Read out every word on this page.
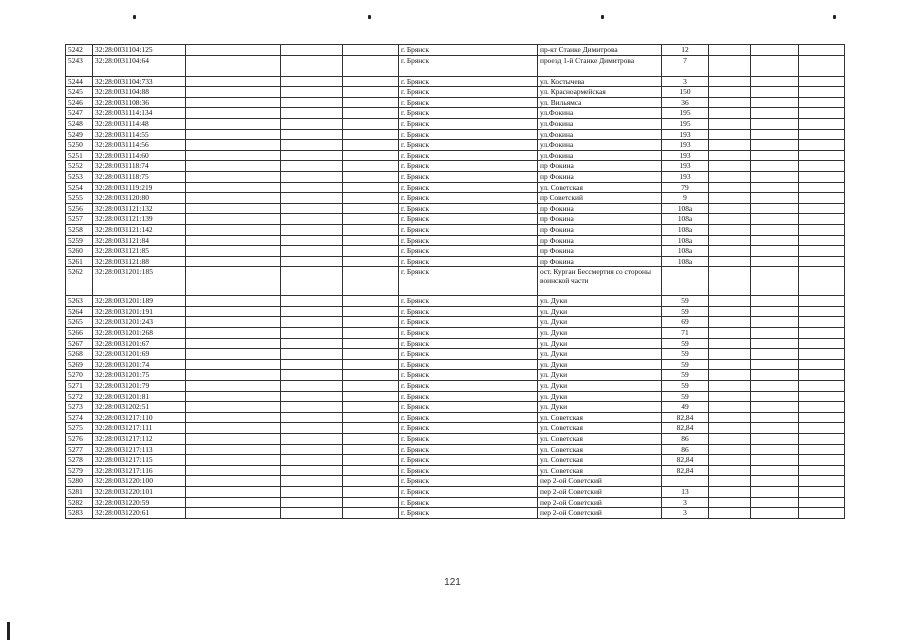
5242	32:28:0031104:125				г. Брянск	пр-кт Станке Димитрова	12			
5243	32:28:0031104:64				г. Брянск	проезд 1-й Станке Димитрова	7			
5244	32:28:0031104:733				г. Брянск	ул. Костычева	3			
5245	32:28:0031104:88				г. Брянск	ул. Красноармейская	150			
5246	32:28:0031108:36				г. Брянск	ул. Вильямса	36			
5247	32:28:0031114:134				г. Брянск	ул.Фокина	195			
5248	32:28:0031114:48				г. Брянск	ул.Фокина	195			
5249	32:28:0031114:55				г. Брянск	ул.Фокина	193			
5250	32:28:0031114:56				г. Брянск	ул.Фокина	193			
5251	32:28:0031114:60				г. Брянск	ул.Фокина	193			
5252	32:28:0031118:74				г. Брянск	пр Фокина	193			
5253	32:28:0031118:75				г. Брянск	пр Фокина	193			
5254	32:28:0031119:219				г. Брянск	ул. Советская	79			
5255	32:28:0031120:80				г. Брянск	пр Советский	9			
5256	32:28:0031121:132				г. Брянск	пр Фокина	108а			
5257	32:28:0031121:139				г. Брянск	пр Фокина	108а			
5258	32:28:0031121:142				г. Брянск	пр Фокина	108а			
5259	32:28:0031121:84				г. Брянск	пр Фокина	108а			
5260	32:28:0031121:85				г. Брянск	пр Фокина	108а			
5261	32:28:0031121:88				г. Брянск	пр Фокина	108а			
5262	32:28:0031201:185				г. Брянск	ост. Курган Бессмертия со стороны воинской части				
5263	32:28:0031201:189				г. Брянск	ул. Дуки	59			
5264	32:28:0031201:191				г. Брянск	ул. Дуки	59			
5265	32:28:0031201:243				г. Брянск	ул. Дуки	69			
5266	32:28:0031201:268				г. Брянск	ул. Дуки	71			
5267	32:28:0031201:67				г. Брянск	ул. Дуки	59			
5268	32:28:0031201:69				г. Брянск	ул. Дуки	59			
5269	32:28:0031201:74				г. Брянск	ул. Дуки	59			
5270	32:28:0031201:75				г. Брянск	ул. Дуки	59			
5271	32:28:0031201:79				г. Брянск	ул. Дуки	59			
5272	32:28:0031201:81				г. Брянск	ул. Дуки	59			
5273	32:28:0031202:51				г. Брянск	ул. Дуки	49			
5274	32:28:0031217:110				г. Брянск	ул. Советская	82,84			
5275	32:28:0031217:111				г. Брянск	ул. Советская	82,84			
5276	32:28:0031217:112				г. Брянск	ул. Советская	86			
5277	32:28:0031217:113				г. Брянск	ул. Советская	86			
5278	32:28:0031217:115				г. Брянск	ул. Советская	82,84			
5279	32:28:0031217:116				г. Брянск	ул. Советская	82,84			
5280	32:28:0031220:100				г. Брянск	пер 2-ой Советский				
5281	32:28:0031220:101				г. Брянск	пер 2-ой Советский	13			
5282	32:28:0031220:59				г. Брянск	пер 2-ой Советский	3			
5283	32:28:0031220:61				г. Брянск	пер 2-ой Советский	3			
121
